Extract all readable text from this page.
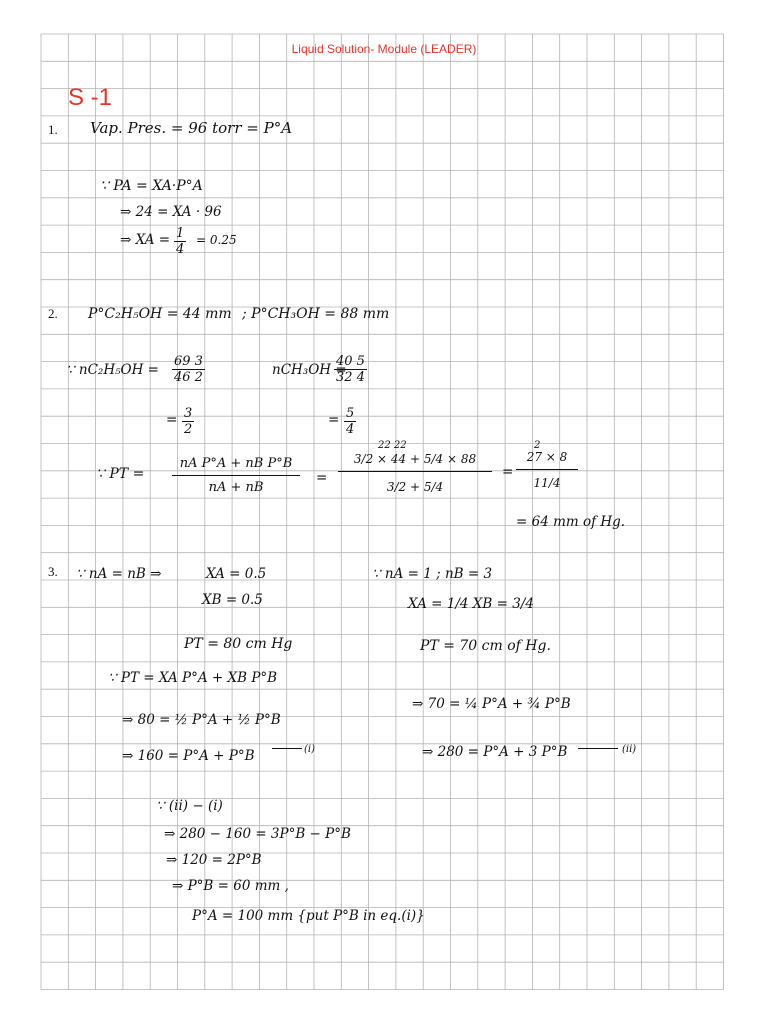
Liquid Solution- Module (LEADER)
S -1
1. Vap. Pres. = 96 torr = P°A
∵ PA = XA·P°A
⇒ 24 = XA · 96
⇒ XA = $\frac{1}{4} = 0.25$
2. P°C₂H₅OH = 44 mm ; P°CH₃OH = 88 mm
∵ $nC_2H_5OH = \frac{69 3}{46 2}$	nCH₃OH =
$\frac{40 5}{32 4}$
= $\frac{3}{2}$	= $\frac{5}{4}$
∵ PT = $\frac{\text{nA P°A + nB P°B}}{nA + nB}$ =
22 22
$\frac{3/2 \times 44 + 5/4 \times 88}{3/2 + 5/4}$ =
2
$\frac{27 \times 8}{11/4}$
= 64 mm of Hg.
3. ∵ nA = nB ⇒	XA = 0.5
XB = 0.5
PT = 80 cm Hg
∵ PT = XA P°A + XB P°B
⇒ 80 = ½ P°A + ½ P°B
⇒ 160 = P°A + P°B	(i)
∵ nA = 1 ; nB = 3
XA = 1/4 XB = 3/4
PT = 70 cm of Hg.
⇒ 70 = ¼ P°A + ¾ P°B
⇒ 280 = P°A + 3 P°B	(ii)
∵ (ii) − (i)
⇒ 280 − 160 = 3P°B − P°B
⇒ 120 = 2P°B
⇒ P°B = 60 mm ,
P°A = 100 mm {put P°B in eq.(i)}
